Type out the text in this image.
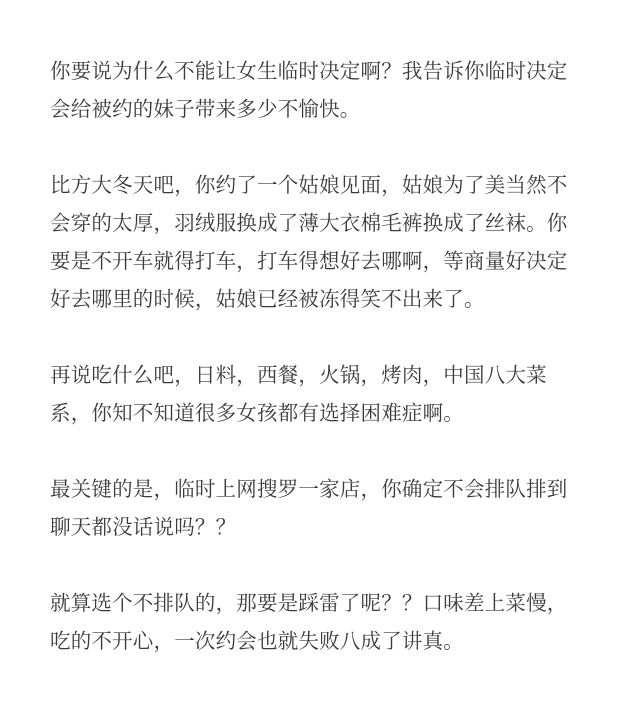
你要说为什么不能让女生临时决定啊？我告诉你临时决定
会给被约的妹子带来多少不愉快。

比方大冬天吧，你约了一个姑娘见面，姑娘为了美当然不
会穿的太厚，羽绒服换成了薄大衣棉毛裤换成了丝袜。你
要是不开车就得打车，打车得想好去哪啊，等商量好决定
好去哪里的时候，姑娘已经被冻得笑不出来了。

再说吃什么吧，日料，西餐，火锅，烤肉，中国八大菜
系，你知不知道很多女孩都有选择困难症啊。

最关键的是，临时上网搜罗一家店，你确定不会排队排到
聊天都没话说吗？？

就算选个不排队的，那要是踩雷了呢？？口味差上菜慢，
吃的不开心，一次约会也就失败八成了讲真。
